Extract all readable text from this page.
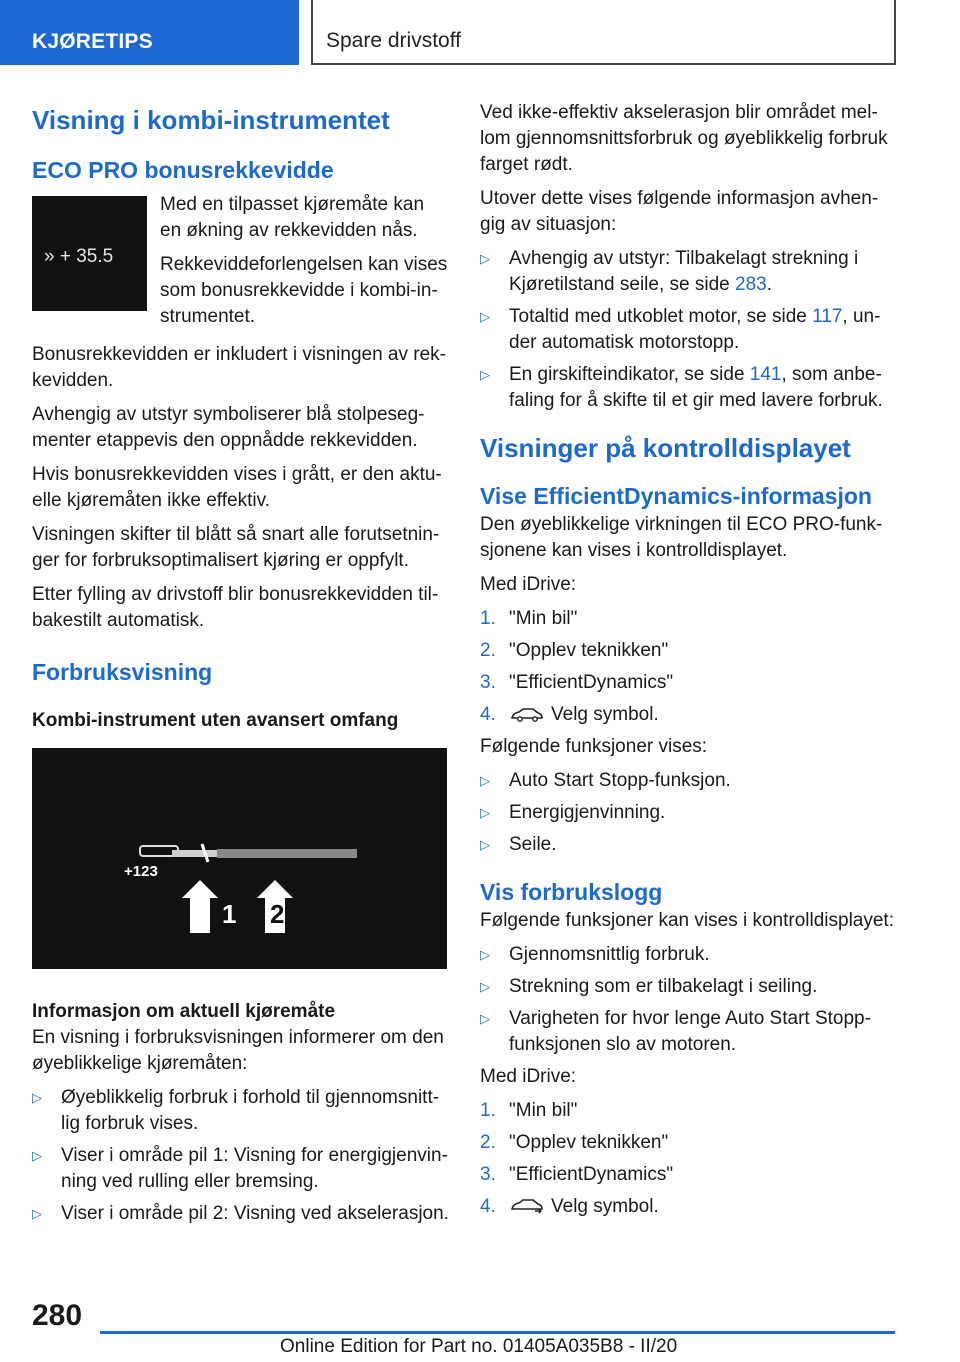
KJØRETIPS	Spare drivstoff
Visning i kombi-instrumentet
ECO PRO bonusrekkevidde
» + 35.5

Med en tilpasset kjøremåte kan en økning av rekkevidden nås.

Rekkeviddeforlengelsen kan vises som bonusrekkevidde i kombi-in-strumentet.

Bonusrekkevidden er inkludert i visningen av rek-kevidden.

Avhengig av utstyr symboliserer blå stolpeseg-menter etappevis den oppnådde rekkevidden.

Hvis bonusrekkevidden vises i grått, er den aktu-elle kjøremåten ikke effektiv.

Visningen skifter til blått så snart alle forutsetnin-ger for forbruksoptimalisert kjøring er oppfylt.

Etter fylling av drivstoff blir bonusrekkevidden til-bakestilt automatisk.

Forbruksvisning
Kombi-instrument uten avansert omfang
+123
1 2
Informasjon om aktuell kjøremåte

En visning i forbruksvisningen informerer om den øyeblikkelige kjøremåten:

▷ Øyeblikkelig forbruk i forhold til gjennomsnitt-lig forbruk vises.
▷ Viser i område pil 1: Visning for energigjenvin-ning ved rulling eller bremsing.
▷ Viser i område pil 2: Visning ved akselerasjon.

Ved ikke-effektiv akselerasjon blir området mel-lom gjennomsnittsforbruk og øyeblikkelig forbruk farget rødt.

Utover dette vises følgende informasjon avhen-gig av situasjon:

▷ Avhengig av utstyr: Tilbakelagt strekning i Kjøretilstand seile, se side 283.
▷ Totaltid med utkoblet motor, se side 117, un-der automatisk motorstopp.
▷ En girskifteindikator, se side 141, som anbe-faling for å skifte til et gir med lavere forbruk.
Visninger på kontrolldisplayet
Vise EfficientDynamics-informasjon

Den øyeblikkelige virkningen til ECO PRO-funk-sjonene kan vises i kontrolldisplayet.

Med iDrive:

1. "Min bil"
2. "Opplev teknikken"
3. "EfficientDynamics"
4.	Velg symbol.

Følgende funksjoner vises:

▷ Auto Start Stopp-funksjon.
▷ Energigjenvinning.
▷ Seile.
Vis forbrukslogg

Følgende funksjoner kan vises i kontrolldisplayet:

▷ Gjennomsnittlig forbruk.
▷ Strekning som er tilbakelagt i seiling.
▷ Varigheten for hvor lenge Auto Start Stopp-funksjonen slo av motoren.

Med iDrive:

1. "Min bil"
2. "Opplev teknikken"
3. "EfficientDynamics"
4.	Velg symbol.
280
Online Edition for Part no. 01405A035B8 - II/20
